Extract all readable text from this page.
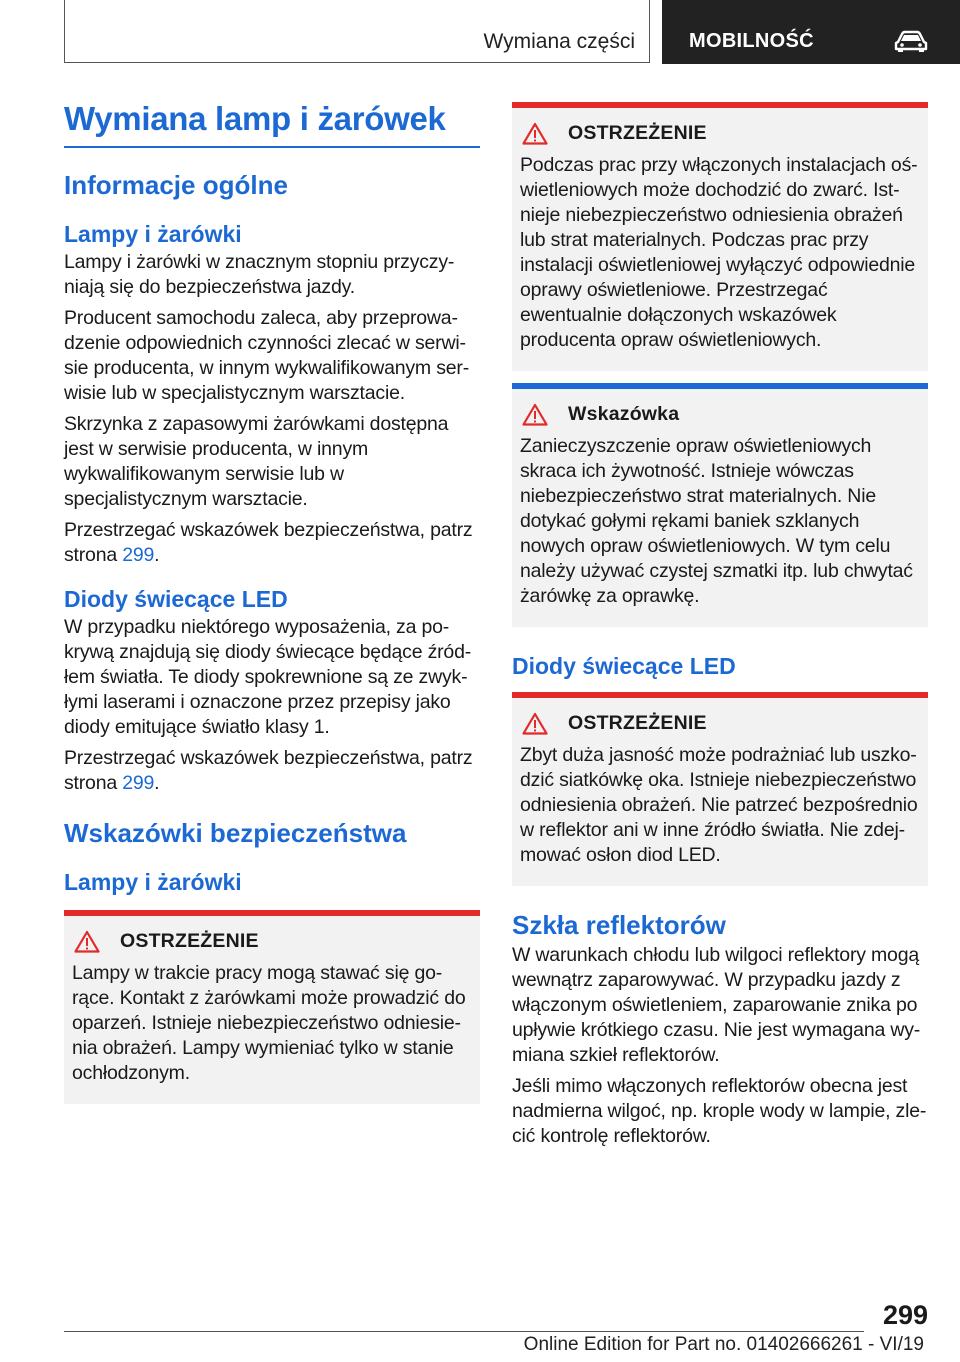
Wymiana części	MOBILNOŚĆ
Wymiana lamp i żarówek
Informacje ogólne
Lampy i żarówki

Lampy i żarówki w znacznym stopniu przyczyniają się do bezpieczeństwa jazdy.

Producent samochodu zaleca, aby przeprowadzenie odpowiednich czynności zlecać w serwisie producenta, w innym wykwalifikowanym serwisie lub w specjalistycznym warsztacie.

Skrzynka z zapasowymi żarówkami dostępna jest w serwisie producenta, w innym wykwalifikowanym serwisie lub w specjalistycznym warsztacie.

Przestrzegać wskazówek bezpieczeństwa, patrz strona 299.

Diody świecące LED

W przypadku niektórego wyposażenia, za pokrywą znajdują się diody świecące będące źródłem światła. Te diody spokrewnione są ze zwykłymi laserami i oznaczone przez przepisy jako diody emitujące światło klasy 1.

Przestrzegać wskazówek bezpieczeństwa, patrz strona 299.

Wskazówki bezpieczeństwa
Lampy i żarówki
OSTRZEŻENIE

Lampy w trakcie pracy mogą stawać się gorące. Kontakt z żarówkami może prowadzić do oparzeń. Istnieje niebezpieczeństwo odniesienia obrażeń. Lampy wymieniać tylko w stanie ochłodzonym.

OSTRZEŻENIE

Podczas prac przy włączonych instalacjach oświetleniowych może dochodzić do zwarć. Istnieje niebezpieczeństwo odniesienia obrażeń lub strat materialnych. Podczas prac przy instalacji oświetleniowej wyłączyć odpowiednie oprawy oświetleniowe. Przestrzegać ewentualnie dołączonych wskazówek producenta opraw oświetleniowych.

Wskazówka

Zanieczyszczenie opraw oświetleniowych skraca ich żywotność. Istnieje wówczas niebezpieczeństwo strat materialnych. Nie dotykać gołymi rękami baniek szklanych nowych opraw oświetleniowych. W tym celu należy używać czystej szmatki itp. lub chwytać żarówkę za oprawkę.

Diody świecące LED
OSTRZEŻENIE

Zbyt duża jasność może podrażniać lub uszkodzić siatkówkę oka. Istnieje niebezpieczeństwo odniesienia obrażeń. Nie patrzeć bezpośrednio w reflektor ani w inne źródło światła. Nie zdejmować osłon diod LED.

Szkła reflektorów

W warunkach chłodu lub wilgoci reflektory mogą wewnątrz zaparowywać. W przypadku jazdy z włączonym oświetleniem, zaparowanie znika po upływie krótkiego czasu. Nie jest wymagana wymiana szkieł reflektorów.

Jeśli mimo włączonych reflektorów obecna jest nadmierna wilgoć, np. krople wody w lampie, zlecić kontrolę reflektorów.

299
Online Edition for Part no. 01402666261 - VI/19
